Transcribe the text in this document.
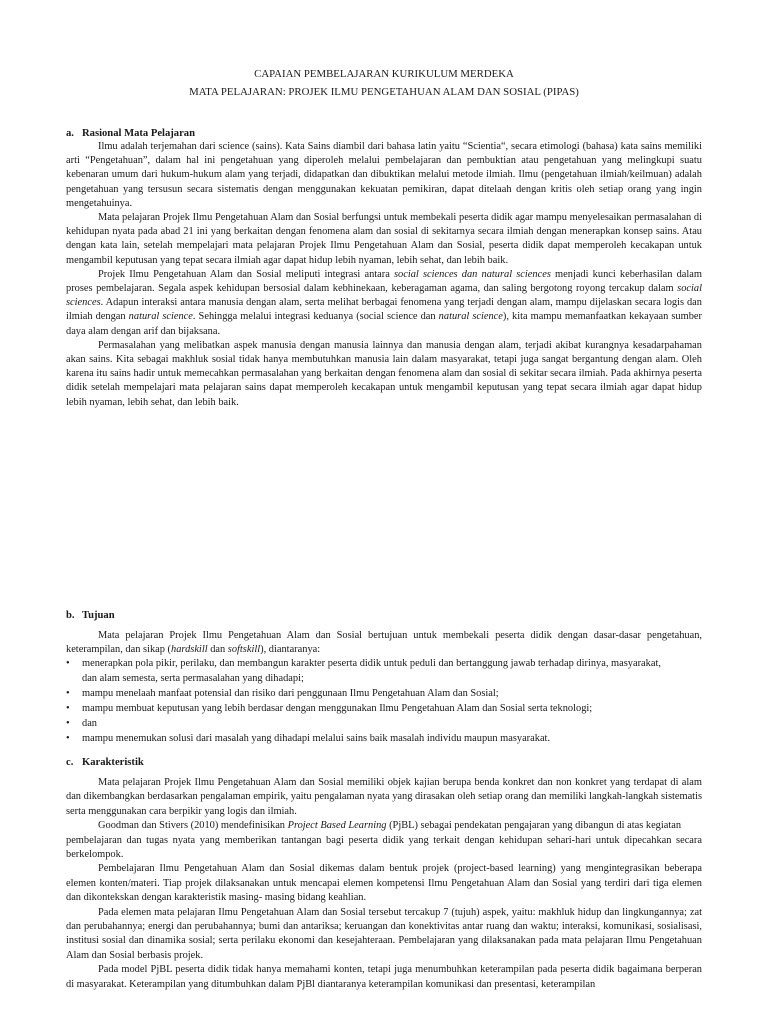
CAPAIAN PEMBELAJARAN KURIKULUM MERDEKA
MATA PELAJARAN: PROJEK ILMU PENGETAHUAN ALAM DAN SOSIAL (PIPAS)
a. Rasional Mata Pelajaran

Ilmu adalah terjemahan dari science (sains). Kata Sains diambil dari bahasa latin yaitu “Scientia“, secara etimologi (bahasa) kata sains memiliki arti “Pengetahuan”, dalam hal ini pengetahuan yang diperoleh melalui pembelajaran dan pembuktian atau pengetahuan yang melingkupi suatu kebenaran umum dari hukum-hukum alam yang terjadi, didapatkan dan dibuktikan melalui metode ilmiah. Ilmu (pengetahuan ilmiah/keilmuan) adalah pengetahuan yang tersusun secara sistematis dengan menggunakan kekuatan pemikiran, dapat ditelaah dengan kritis oleh setiap orang yang ingin mengetahuinya.

Mata pelajaran Projek Ilmu Pengetahuan Alam dan Sosial berfungsi untuk membekali peserta didik agar mampu menyelesaikan permasalahan di kehidupan nyata pada abad 21 ini yang berkaitan dengan fenomena alam dan sosial di sekitarnya secara ilmiah dengan menerapkan konsep sains. Atau dengan kata lain, setelah mempelajari mata pelajaran Projek Ilmu Pengetahuan Alam dan Sosial, peserta didik dapat memperoleh kecakapan untuk mengambil keputusan yang tepat secara ilmiah agar dapat hidup lebih nyaman, lebih sehat, dan lebih baik.

Projek Ilmu Pengetahuan Alam dan Sosial meliputi integrasi antara social sciences dan natural sciences menjadi kunci keberhasilan dalam proses pembelajaran. Segala aspek kehidupan bersosial dalam kebhinekaan, keberagaman agama, dan saling bergotong royong tercakup dalam social sciences. Adapun interaksi antara manusia dengan alam, serta melihat berbagai fenomena yang terjadi dengan alam, mampu dijelaskan secara logis dan ilmiah dengan natural science. Sehingga melalui integrasi keduanya (social science dan natural science), kita mampu memanfaatkan kekayaan sumber daya alam dengan arif dan bijaksana.

Permasalahan yang melibatkan aspek manusia dengan manusia lainnya dan manusia dengan alam, terjadi akibat kurangnya kesadarpahaman akan sains. Kita sebagai makhluk sosial tidak hanya membutuhkan manusia lain dalam masyarakat, tetapi juga sangat bergantung dengan alam. Oleh karena itu sains hadir untuk memecahkan permasalahan yang berkaitan dengan fenomena alam dan sosial di sekitar secara ilmiah. Pada akhirnya peserta didik setelah mempelajari mata pelajaran sains dapat memperoleh kecakapan untuk mengambil keputusan yang tepat secara ilmiah agar dapat hidup lebih nyaman, lebih sehat, dan lebih baik.

b. Tujuan

Mata pelajaran Projek Ilmu Pengetahuan Alam dan Sosial bertujuan untuk membekali peserta didik dengan dasar-dasar pengetahuan, keterampilan, dan sikap (hardskill dan softskill), diantaranya:

• menerapkan pola pikir, perilaku, dan membangun karakter peserta didik untuk peduli dan bertanggung jawab terhadap dirinya, masyarakat,
dan alam semesta, serta permasalahan yang dihadapi;
• mampu menelaah manfaat potensial dan risiko dari penggunaan Ilmu Pengetahuan Alam dan Sosial;
• mampu membuat keputusan yang lebih berdasar dengan menggunakan Ilmu Pengetahuan Alam dan Sosial serta teknologi;
• dan
• mampu menemukan solusi dari masalah yang dihadapi melalui sains baik masalah individu maupun masyarakat.
c. Karakteristik

Mata pelajaran Projek Ilmu Pengetahuan Alam dan Sosial memiliki objek kajian berupa benda konkret dan non konkret yang terdapat di alam dan dikembangkan berdasarkan pengalaman empirik, yaitu pengalaman nyata yang dirasakan oleh setiap orang dan memiliki langkah-langkah sistematis serta menggunakan cara berpikir yang logis dan ilmiah.

Goodman dan Stivers (2010) mendefinisikan Project Based Learning (PjBL) sebagai pendekatan pengajaran yang dibangun di atas kegiatan

pembelajaran dan tugas nyata yang memberikan tantangan bagi peserta didik yang terkait dengan kehidupan sehari-hari untuk dipecahkan secara berkelompok.

Pembelajaran Ilmu Pengetahuan Alam dan Sosial dikemas dalam bentuk projek (project-based learning) yang mengintegrasikan beberapa elemen konten/materi. Tiap projek dilaksanakan untuk mencapai elemen kompetensi Ilmu Pengetahuan Alam dan Sosial yang terdiri dari tiga elemen dan dikontekskan dengan karakteristik masing- masing bidang keahlian.

Pada elemen mata pelajaran Ilmu Pengetahuan Alam dan Sosial tersebut tercakup 7 (tujuh) aspek, yaitu: makhluk hidup dan lingkungannya; zat dan perubahannya; energi dan perubahannya; bumi dan antariksa; keruangan dan konektivitas antar ruang dan waktu; interaksi, komunikasi, sosialisasi, institusi sosial dan dinamika sosial; serta perilaku ekonomi dan kesejahteraan. Pembelajaran yang dilaksanakan pada mata pelajaran Ilmu Pengetahuan Alam dan Sosial berbasis projek.

Pada model PjBL peserta didik tidak hanya memahami konten, tetapi juga menumbuhkan keterampilan pada peserta didik bagaimana berperan di masyarakat. Keterampilan yang ditumbuhkan dalam PjBl diantaranya keterampilan komunikasi dan presentasi, keterampilan
